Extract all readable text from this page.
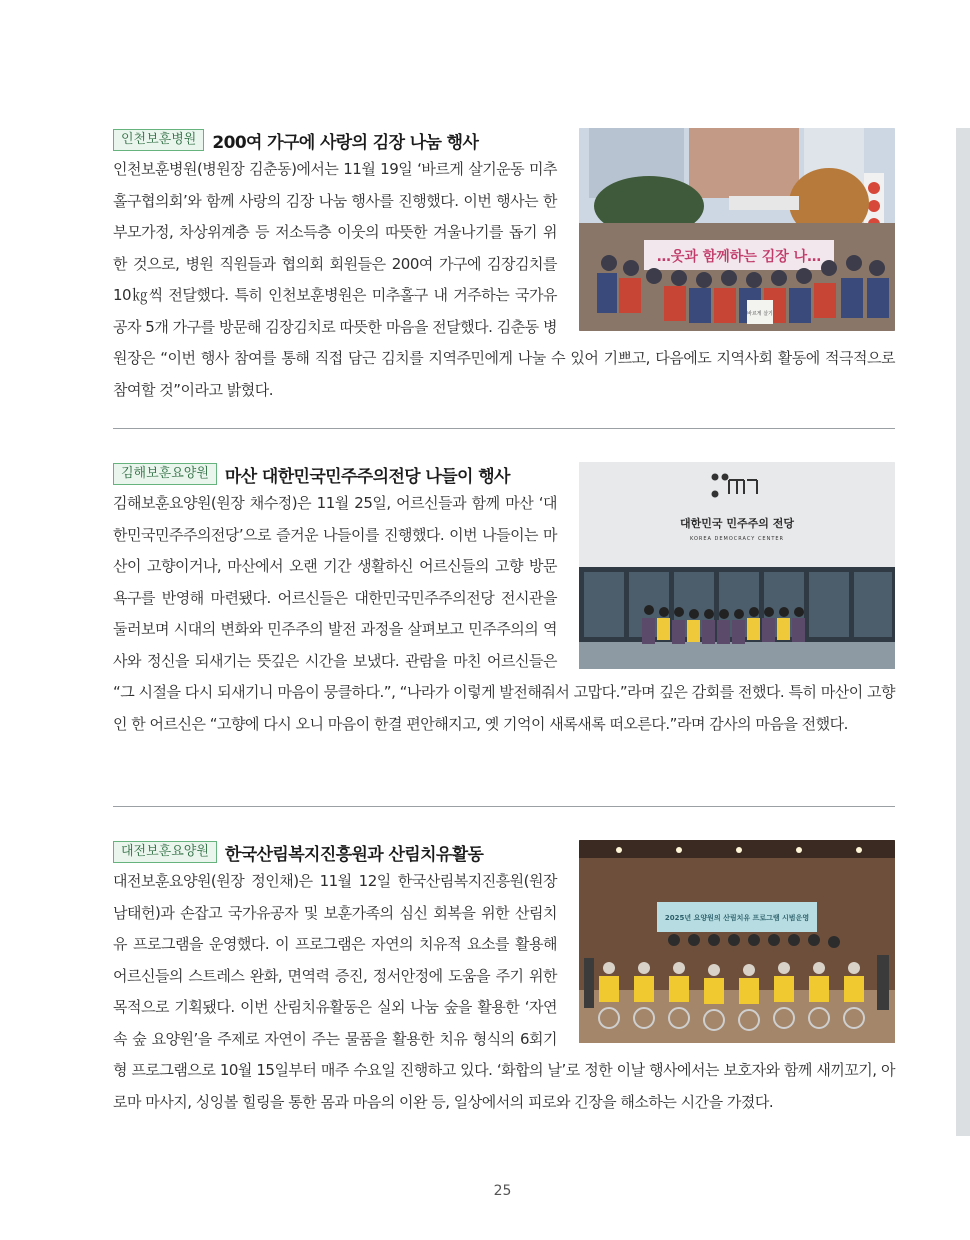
인천보훈병원 200여 가구에 사랑의 김장 나눔 행사
…웃과 함께하는 김장 나…
바르게 살기
인천보훈병원(병원장 김춘동)에서는 11월 19일 ‘바르게 살기운동 미추홀구협의회’와 함께 사랑의 김장 나눔 행사를 진행했다. 이번 행사는 한부모가정, 차상위계층 등 저소득층 이웃의 따뜻한 겨울나기를 돕기 위한 것으로, 병원 직원들과 협의회 회원들은 200여 가구에 김장김치를 10㎏씩 전달했다. 특히 인천보훈병원은 미추홀구 내 거주하는 국가유공자 5개 가구를 방문해 김장김치로 따뜻한 마음을 전달했다. 김춘동 병원장은 “이번 행사 참여를 통해 직접 담근 김치를 지역주민에게 나눌 수 있어 기쁘고, 다음에도 지역사회 활동에 적극적으로 참여할 것”이라고 밝혔다.
김해보훈요양원 마산 대한민국민주주의전당 나들이 행사
대한민국 민주주의 전당
KOREA DEMOCRACY CENTER
김해보훈요양원(원장 채수정)은 11월 25일, 어르신들과 함께 마산 ‘대한민국민주주의전당’으로 즐거운 나들이를 진행했다. 이번 나들이는 마산이 고향이거나, 마산에서 오랜 기간 생활하신 어르신들의 고향 방문 욕구를 반영해 마련됐다. 어르신들은 대한민국민주주의전당 전시관을 둘러보며 시대의 변화와 민주주의 발전 과정을 살펴보고 민주주의의 역사와 정신을 되새기는 뜻깊은 시간을 보냈다. 관람을 마친 어르신들은 “그 시절을 다시 되새기니 마음이 뭉클하다.”, “나라가 이렇게 발전해줘서 고맙다.”라며 깊은 감회를 전했다. 특히 마산이 고향인 한 어르신은 “고향에 다시 오니 마음이 한결 편안해지고, 옛 기억이 새록새록 떠오른다.”라며 감사의 마음을 전했다.
대전보훈요양원 한국산림복지진흥원과 산림치유활동
2025년 요양원의 산림치유 프로그램 시범운영
대전보훈요양원(원장 정인채)은 11월 12일 한국산림복지진흥원(원장 남태헌)과 손잡고 국가유공자 및 보훈가족의 심신 회복을 위한 산림치유 프로그램을 운영했다. 이 프로그램은 자연의 치유적 요소를 활용해 어르신들의 스트레스 완화, 면역력 증진, 정서안정에 도움을 주기 위한 목적으로 기획됐다. 이번 산림치유활동은 실외 나눔 숲을 활용한 ‘자연 속 숲 요양원’을 주제로 자연이 주는 물품을 활용한 치유 형식의 6회기형 프로그램으로 10월 15일부터 매주 수요일 진행하고 있다. ‘화합의 날’로 정한 이날 행사에서는 보호자와 함께 새끼꼬기, 아로마 마사지, 싱잉볼 힐링을 통한 몸과 마음의 이완 등, 일상에서의 피로와 긴장을 해소하는 시간을 가졌다.
25
